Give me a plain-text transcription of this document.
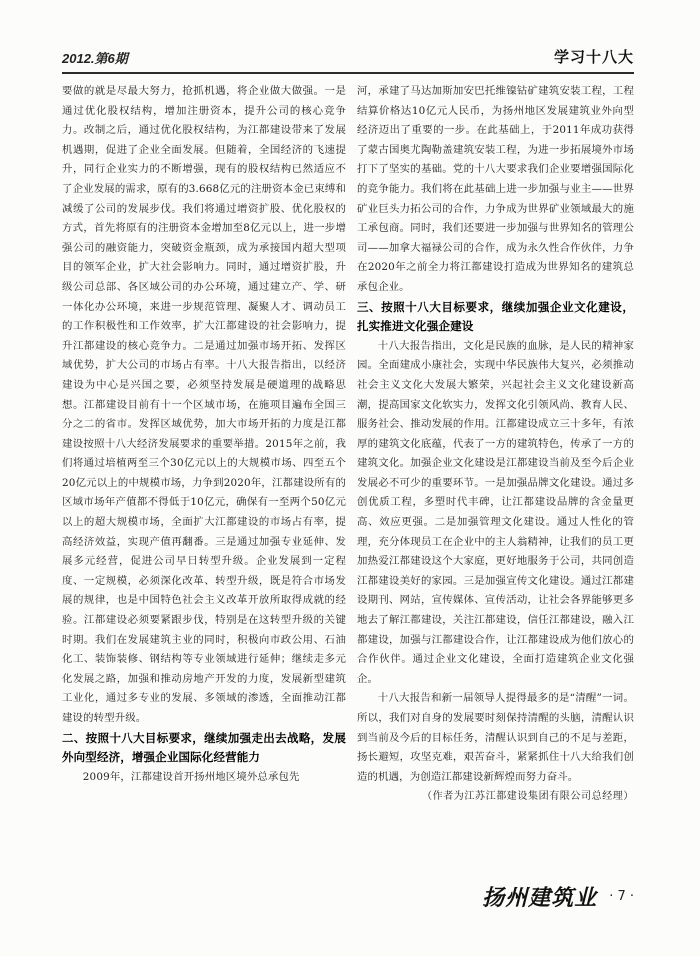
2012.第6期	学习十八大

要做的就是尽最大努力，抢抓机遇，将企业做大做强。一是通过优化股权结构，增加注册资本，提升公司的核心竞争力。改制之后，通过优化股权结构，为江都建设带来了发展机遇期，促进了企业全面发展。但随着，全国经济的飞速提升，同行企业实力的不断增强，现有的股权结构已然适应不了企业发展的需求，原有的3.668亿元的注册资本金已束缚和减缓了公司的发展步伐。我们将通过增资扩股、优化股权的方式，首先将原有的注册资本金增加至8亿元以上，进一步增强公司的融资能力，突破资金瓶颈，成为承接国内超大型项目的领军企业，扩大社会影响力。同时，通过增资扩股，升级公司总部、各区域公司的办公环境，通过建立产、学、研一体化办公环境，来进一步规范管理、凝聚人才、调动员工的工作积极性和工作效率，扩大江都建设的社会影响力，提升江都建设的核心竞争力。二是通过加强市场开拓、发挥区域优势，扩大公司的市场占有率。十八大报告指出，以经济建设为中心是兴国之要，必须坚持发展是硬道理的战略思想。江都建设目前有十一个区域市场，在施项目遍布全国三分之二的省市。发挥区域优势，加大市场开拓的力度是江都建设按照十八大经济发展要求的重要举措。2015年之前，我们将通过培植两至三个30亿元以上的大规模市场、四至五个20亿元以上的中规模市场，力争到2020年，江都建设所有的区域市场年产值都不得低于10亿元，确保有一至两个50亿元以上的超大规模市场，全面扩大江都建设的市场占有率，提高经济效益，实现产值再翻番。三是通过加强专业延伸、发展多元经营，促进公司早日转型升级。企业发展到一定程度、一定规模，必须深化改革、转型升级，既是符合市场发展的规律，也是中国特色社会主义改革开放所取得成就的经验。江都建设必须要紧跟步伐，特别是在这转型升级的关键时期。我们在发展建筑主业的同时，积极向市政公用、石油化工、装饰装修、钢结构等专业领域进行延伸；继续走多元化发展之路，加强和推动房地产开发的力度，发展新型建筑工业化，通过多专业的发展、多领域的渗透，全面推动江都建设的转型升级。

二、按照十八大目标要求，继续加强走出去战略，发展外向型经济，增强企业国际化经营能力

2009年，江都建设首开扬州地区境外总承包先

河，承建了马达加斯加安巴托维镍钴矿建筑安装工程，工程结算价格达10亿元人民币，为扬州地区发展建筑业外向型经济迈出了重要的一步。在此基础上，于2011年成功获得了蒙古国奥尤陶勒盖建筑安装工程，为进一步拓展境外市场打下了坚实的基础。党的十八大要求我们企业要增强国际化的竞争能力。我们将在此基础上进一步加强与业主——世界矿业巨头力拓公司的合作，力争成为世界矿业领域最大的施工承包商。同时，我们还要进一步加强与世界知名的管理公司——加拿大福禄公司的合作，成为永久性合作伙伴，力争在2020年之前全力将江都建设打造成为世界知名的建筑总承包企业。

三、按照十八大目标要求，继续加强企业文化建设，扎实推进文化强企建设

十八大报告指出，文化是民族的血脉，是人民的精神家园。全面建成小康社会，实现中华民族伟大复兴，必须推动社会主义文化大发展大繁荣，兴起社会主义文化建设新高潮，提高国家文化软实力，发挥文化引领风尚、教育人民、服务社会、推动发展的作用。江都建设成立三十多年，有浓厚的建筑文化底蕴，代表了一方的建筑特色，传承了一方的建筑文化。加强企业文化建设是江都建设当前及至今后企业发展必不可少的重要环节。一是加强品牌文化建设。通过多创优质工程，多塑时代丰碑，让江都建设品牌的含金量更高、效应更强。二是加强管理文化建设。通过人性化的管理，充分体现员工在企业中的主人翁精神，让我们的员工更加热爱江都建设这个大家庭，更好地服务于公司，共同创造江都建设美好的家园。三是加强宣传文化建设。通过江都建设期刊、网站，宣传媒体、宣传活动，让社会各界能够更多地去了解江都建设，关注江都建设，信任江都建设，融入江都建设，加强与江都建设合作，让江都建设成为他们放心的合作伙伴。通过企业文化建设，全面打造建筑企业文化强企。

十八大报告和新一届领导人提得最多的是“清醒”一词。所以，我们对自身的发展要时刻保持清醒的头脑，清醒认识到当前及今后的目标任务，清醒认识到自己的不足与差距，扬长避短，攻坚克难，艰苦奋斗，紧紧抓住十八大给我们创造的机遇，为创造江都建设新辉煌而努力奋斗。

（作者为江苏江都建设集团有限公司总经理）
扬州建筑业 · 7 ·
